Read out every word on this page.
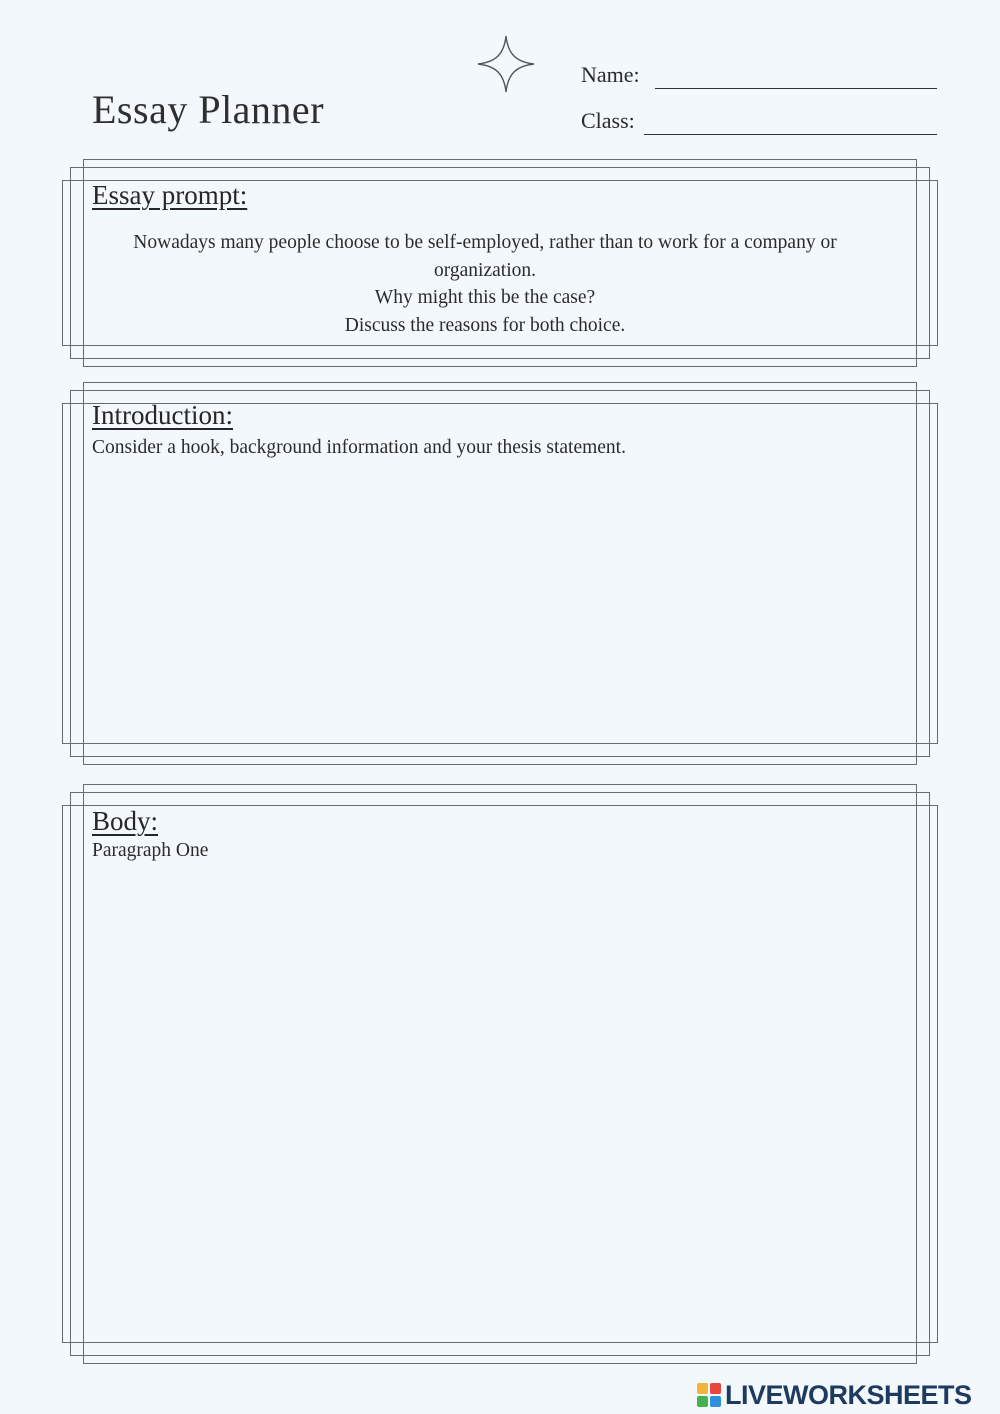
Essay Planner
Name:
Class:
Essay prompt:
Nowadays many people choose to be self-employed, rather than to work for a company or
organization.
Why might this be the case?
Discuss the reasons for both choice.
Introduction:
Consider a hook, background information and your thesis statement.
Body:
Paragraph One
LIVEWORKSHEETS
